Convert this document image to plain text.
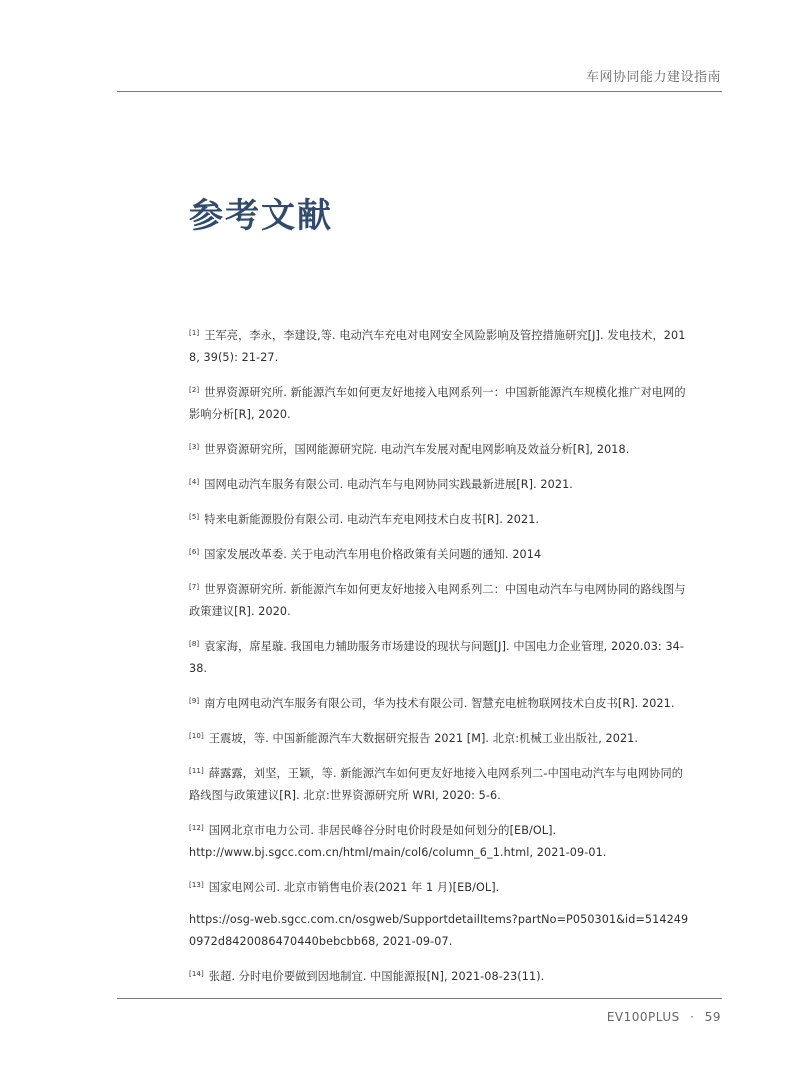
车网协同能力建设指南
参考文献
[1] 王军亮，李永，李建设,等. 电动汽车充电对电网安全风险影响及管控措施研究[J]. 发电技术，2018, 39(5): 21-27.
[2] 世界资源研究所. 新能源汽车如何更友好地接入电网系列一：中国新能源汽车规模化推广对电网的影响分析[R], 2020.
[3] 世界资源研究所，国网能源研究院. 电动汽车发展对配电网影响及效益分析[R], 2018.
[4] 国网电动汽车服务有限公司. 电动汽车与电网协同实践最新进展[R]. 2021.
[5] 特来电新能源股份有限公司. 电动汽车充电网技术白皮书[R]. 2021.
[6] 国家发展改革委. 关于电动汽车用电价格政策有关问题的通知. 2014
[7] 世界资源研究所. 新能源汽车如何更友好地接入电网系列二：中国电动汽车与电网协同的路线图与政策建议[R]. 2020.
[8] 袁家海，席星璇. 我国电力辅助服务市场建设的现状与问题[J]. 中国电力企业管理, 2020.03: 34-38.
[9] 南方电网电动汽车服务有限公司，华为技术有限公司. 智慧充电桩物联网技术白皮书[R]. 2021.
[10] 王震坡，等. 中国新能源汽车大数据研究报告 2021 [M]. 北京:机械工业出版社, 2021.
[11] 薛露露，刘坚，王颖，等. 新能源汽车如何更友好地接入电网系列二-中国电动汽车与电网协同的路线图与政策建议[R]. 北京:世界资源研究所 WRI, 2020: 5-6.
[12] 国网北京市电力公司. 非居民峰谷分时电价时段是如何划分的[EB/OL].
http://www.bj.sgcc.com.cn/html/main/col6/column_6_1.html, 2021-09-01.
[13] 国家电网公司. 北京市销售电价表(2021 年 1 月)[EB/OL].
https://osg-web.sgcc.com.cn/osgweb/SupportdetailItems?partNo=P050301&id=5142490972d8420086470440bebcbb68, 2021-09-07.
[14] 张超. 分时电价要做到因地制宜. 中国能源报[N], 2021-08-23(11).
EV100PLUS · 59
